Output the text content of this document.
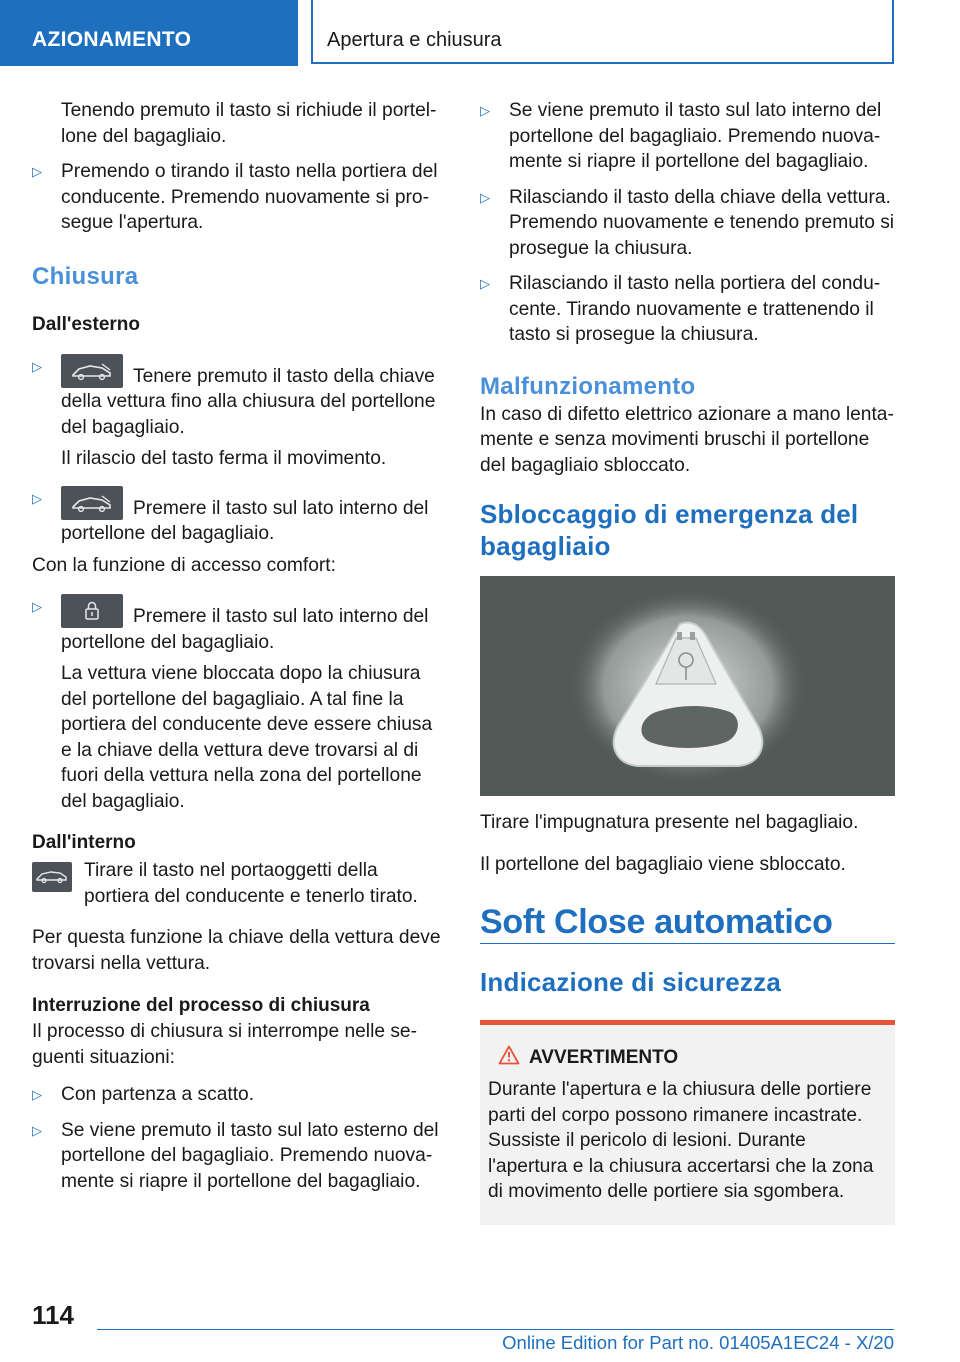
AZIONAMENTO	Apertura e chiusura

Tenendo premuto il tasto si richiude il portellone del bagagliaio.

▷ Premendo o tirando il tasto nella portiera del conducente. Premendo nuovamente si prosegue l'apertura.
Chiusura
Dall'esterno
▷	Tenere premuto il tasto della chiave della vettura fino alla chiusura del portellone del bagagliaio.

Il rilascio del tasto ferma il movimento.

▷	Premere il tasto sul lato interno del portellone del bagagliaio.

Con la funzione di accesso comfort:

▷	Premere il tasto sul lato interno del portellone del bagagliaio.

La vettura viene bloccata dopo la chiusura del portellone del bagagliaio. A tal fine la portiera del conducente deve essere chiusa e la chiave della vettura deve trovarsi al di fuori della vettura nella zona del portellone del bagagliaio.

Dall'interno
Tirare il tasto nel portaoggetti della portiera del conducente e tenerlo tirato.

Per questa funzione la chiave della vettura deve trovarsi nella vettura.

Interruzione del processo di chiusura

Il processo di chiusura si interrompe nelle seguenti situazioni:

▷ Con partenza a scatto.
▷ Se viene premuto il tasto sul lato esterno del portellone del bagagliaio. Premendo nuovamente si riapre il portellone del bagagliaio.
▷ Se viene premuto il tasto sul lato interno del portellone del bagagliaio. Premendo nuovamente si riapre il portellone del bagagliaio.
▷ Rilasciando il tasto della chiave della vettura. Premendo nuovamente e tenendo premuto si prosegue la chiusura.
▷ Rilasciando il tasto nella portiera del conducente. Tirando nuovamente e trattenendo il tasto si prosegue la chiusura.
Malfunzionamento

In caso di difetto elettrico azionare a mano lentamente e senza movimenti bruschi il portellone del bagagliaio sbloccato.

Sbloccaggio di emergenza del bagagliaio

Tirare l'impugnatura presente nel bagagliaio.

Il portellone del bagagliaio viene sbloccato.

Soft Close automatico
Indicazione di sicurezza
AVVERTIMENTO

Durante l'apertura e la chiusura delle portiere parti del corpo possono rimanere incastrate. Sussiste il pericolo di lesioni. Durante l'apertura e la chiusura accertarsi che la zona di movimento delle portiere sia sgombera.

114
Online Edition for Part no. 01405A1EC24 - X/20
